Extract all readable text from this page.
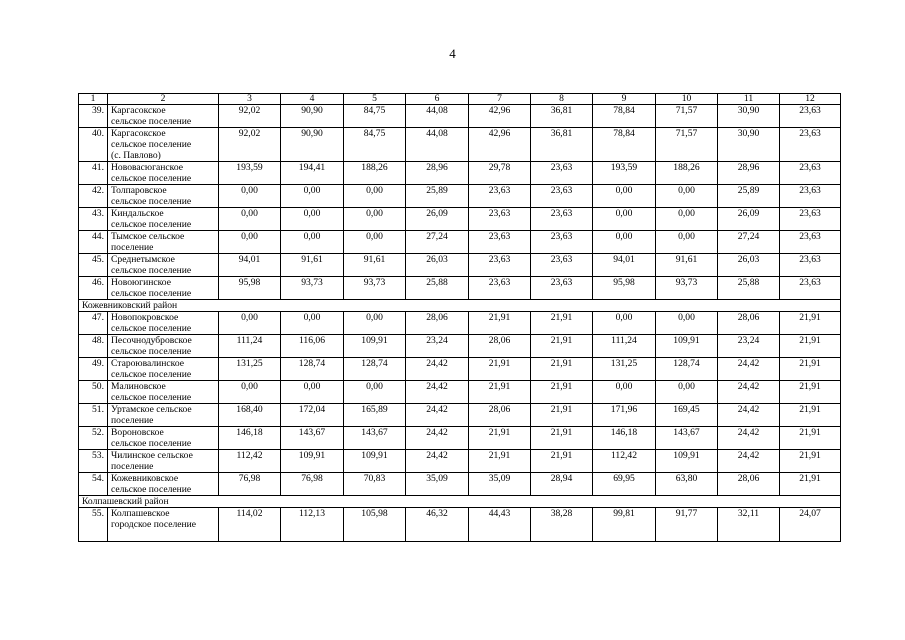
4
1	2	3	4	5	6	7	8	9	10	11	12
39.	Каргасокское
сельское поселение	92,02	90,90	84,75	44,08	42,96	36,81	78,84	71,57	30,90	23,63
40.	Каргасокское
сельское поселение
(с. Павлово)	92,02	90,90	84,75	44,08	42,96	36,81	78,84	71,57	30,90	23,63
41.	Нововасюганское
сельское поселение	193,59	194,41	188,26	28,96	29,78	23,63	193,59	188,26	28,96	23,63
42.	Толпаровское
сельское поселение	0,00	0,00	0,00	25,89	23,63	23,63	0,00	0,00	25,89	23,63
43.	Киндальское
сельское поселение	0,00	0,00	0,00	26,09	23,63	23,63	0,00	0,00	26,09	23,63
44.	Тымское сельское
поселение	0,00	0,00	0,00	27,24	23,63	23,63	0,00	0,00	27,24	23,63
45.	Среднетымское
сельское поселение	94,01	91,61	91,61	26,03	23,63	23,63	94,01	91,61	26,03	23,63
46.	Новоюгинское
сельское поселение	95,98	93,73	93,73	25,88	23,63	23,63	95,98	93,73	25,88	23,63
Кожевниковский район											
47.	Новопокровское
сельское поселение	0,00	0,00	0,00	28,06	21,91	21,91	0,00	0,00	28,06	21,91
48.	Песочнодубровское
сельское поселение	111,24	116,06	109,91	23,24	28,06	21,91	111,24	109,91	23,24	21,91
49.	Староювалинское
сельское поселение	131,25	128,74	128,74	24,42	21,91	21,91	131,25	128,74	24,42	21,91
50.	Малиновское
сельское поселение	0,00	0,00	0,00	24,42	21,91	21,91	0,00	0,00	24,42	21,91
51.	Уртамское сельское
поселение	168,40	172,04	165,89	24,42	28,06	21,91	171,96	169,45	24,42	21,91
52.	Вороновское
сельское поселение	146,18	143,67	143,67	24,42	21,91	21,91	146,18	143,67	24,42	21,91
53.	Чилинское сельское
поселение	112,42	109,91	109,91	24,42	21,91	21,91	112,42	109,91	24,42	21,91
54.	Кожевниковское
сельское поселение	76,98	76,98	70,83	35,09	35,09	28,94	69,95	63,80	28,06	21,91
Колпашевский район											
55.	Колпашевское
городское поселение	114,02	112,13	105,98	46,32	44,43	38,28	99,81	91,77	32,11	24,07
